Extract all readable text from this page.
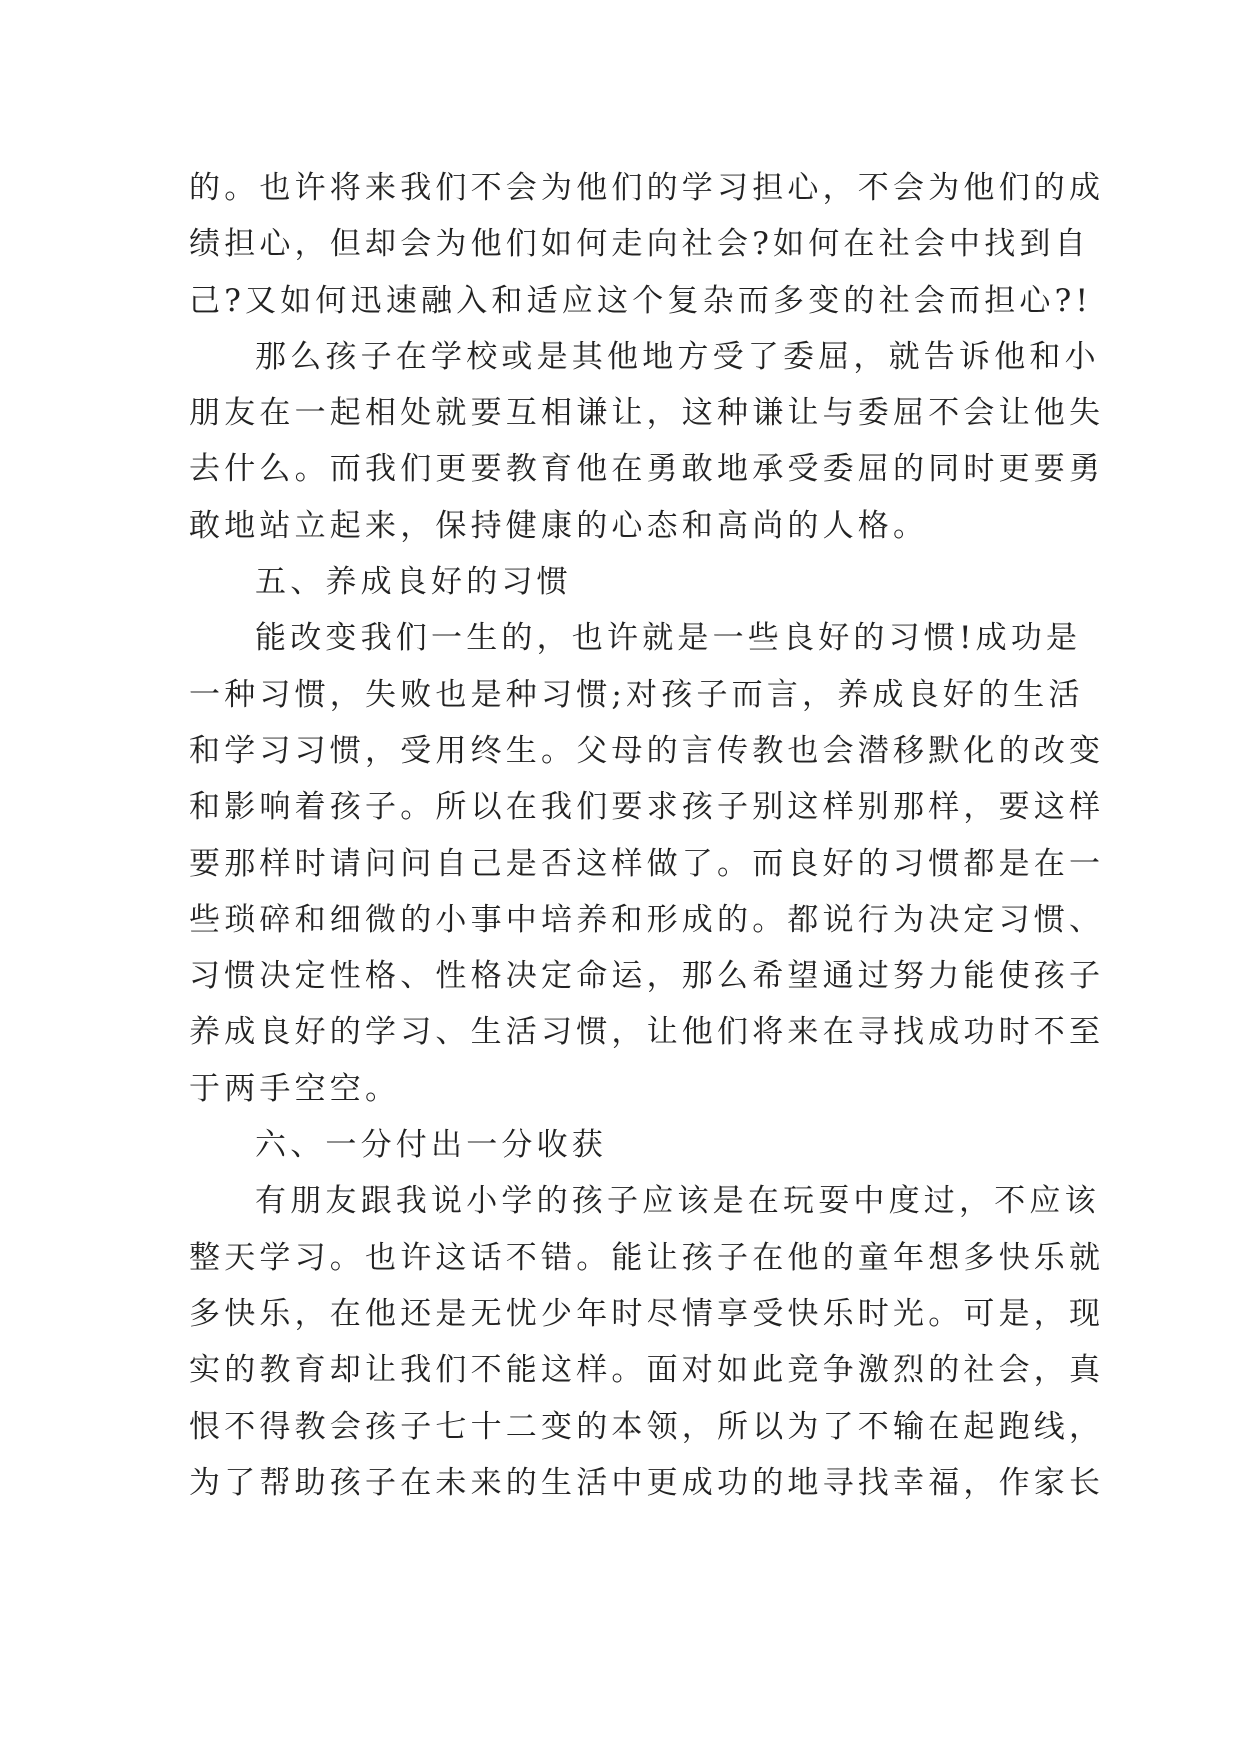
的。也许将来我们不会为他们的学习担心，不会为他们的成
绩担心，但却会为他们如何走向社会?如何在社会中找到自
己?又如何迅速融入和适应这个复杂而多变的社会而担心?!
那么孩子在学校或是其他地方受了委屈，就告诉他和小
朋友在一起相处就要互相谦让，这种谦让与委屈不会让他失
去什么。而我们更要教育他在勇敢地承受委屈的同时更要勇
敢地站立起来，保持健康的心态和高尚的人格。
五、养成良好的习惯
能改变我们一生的，也许就是一些良好的习惯!成功是
一种习惯，失败也是种习惯;对孩子而言，养成良好的生活
和学习习惯，受用终生。父母的言传教也会潜移默化的改变
和影响着孩子。所以在我们要求孩子别这样别那样，要这样
要那样时请问问自己是否这样做了。而良好的习惯都是在一
些琐碎和细微的小事中培养和形成的。都说行为决定习惯、
习惯决定性格、性格决定命运，那么希望通过努力能使孩子
养成良好的学习、生活习惯，让他们将来在寻找成功时不至
于两手空空。
六、一分付出一分收获
有朋友跟我说小学的孩子应该是在玩耍中度过，不应该
整天学习。也许这话不错。能让孩子在他的童年想多快乐就
多快乐，在他还是无忧少年时尽情享受快乐时光。可是，现
实的教育却让我们不能这样。面对如此竞争激烈的社会，真
恨不得教会孩子七十二变的本领，所以为了不输在起跑线，
为了帮助孩子在未来的生活中更成功的地寻找幸福，作家长
